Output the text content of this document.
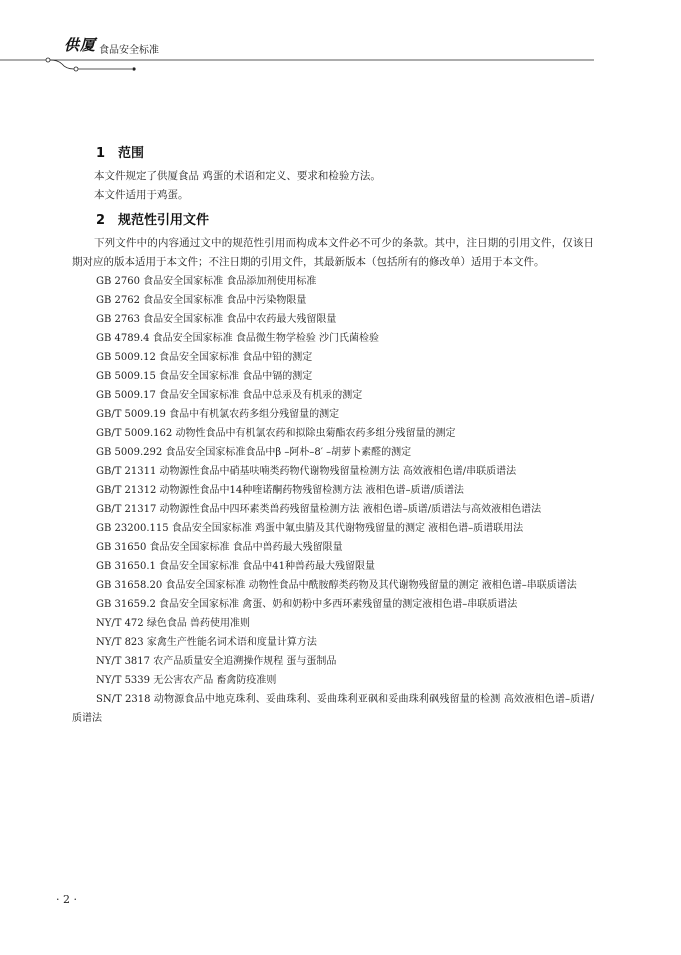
供厦 食品安全标准
1 范围

本文件规定了供厦食品 鸡蛋的术语和定义、要求和检验方法。

本文件适用于鸡蛋。

2 规范性引用文件

下列文件中的内容通过文中的规范性引用而构成本文件必不可少的条款。其中，注日期的引用文件，仅该日期对应的版本适用于本文件；不注日期的引用文件，其最新版本（包括所有的修改单）适用于本文件。

GB 2760 食品安全国家标准 食品添加剂使用标准

GB 2762 食品安全国家标准 食品中污染物限量

GB 2763 食品安全国家标准 食品中农药最大残留限量

GB 4789.4 食品安全国家标准 食品微生物学检验 沙门氏菌检验

GB 5009.12 食品安全国家标准 食品中铅的测定

GB 5009.15 食品安全国家标准 食品中镉的测定

GB 5009.17 食品安全国家标准 食品中总汞及有机汞的测定

GB/T 5009.19 食品中有机氯农药多组分残留量的测定

GB/T 5009.162 动物性食品中有机氯农药和拟除虫菊酯农药多组分残留量的测定

GB 5009.292 食品安全国家标准食品中β –阿朴–8′ –胡萝卜素醛的测定

GB/T 21311 动物源性食品中硝基呋喃类药物代谢物残留量检测方法 高效液相色谱/串联质谱法

GB/T 21312 动物源性食品中14种喹诺酮药物残留检测方法 液相色谱–质谱/质谱法

GB/T 21317 动物源性食品中四环素类兽药残留量检测方法 液相色谱–质谱/质谱法与高效液相色谱法

GB 23200.115 食品安全国家标准 鸡蛋中氟虫腈及其代谢物残留量的测定 液相色谱–质谱联用法

GB 31650 食品安全国家标准 食品中兽药最大残留限量

GB 31650.1 食品安全国家标准 食品中41种兽药最大残留限量

GB 31658.20 食品安全国家标准 动物性食品中酰胺醇类药物及其代谢物残留量的测定 液相色谱–串联质谱法

GB 31659.2 食品安全国家标准 禽蛋、奶和奶粉中多西环素残留量的测定液相色谱–串联质谱法

NY/T 472 绿色食品 兽药使用准则

NY/T 823 家禽生产性能名词术语和度量计算方法

NY/T 3817 农产品质量安全追溯操作规程 蛋与蛋制品

NY/T 5339 无公害农产品 畜禽防疫准则

SN/T 2318 动物源食品中地克珠利、妥曲珠利、妥曲珠利亚砜和妥曲珠利砜残留量的检测 高效液相色谱–质谱/质谱法

· 2 ·
